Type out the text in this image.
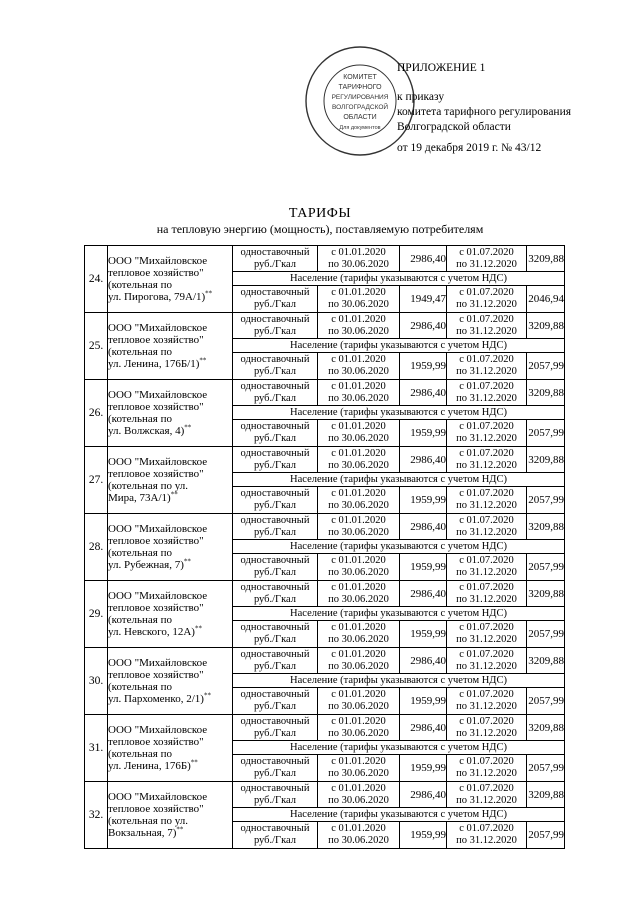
КОМИТЕТ
ТАРИФНОГО
РЕГУЛИРОВАНИЯ
ВОЛГОГРАДСКОЙ
ОБЛАСТИ
Для документов
ПРИЛОЖЕНИЕ 1
к приказу
комитета тарифного регулирования
Волгоградской области
от 19 декабря 2019 г. № 43/12
ТАРИФЫ
на тепловую энергию (мощность), поставляемую потребителям
24.	ООО "Михайловское
тепловое хозяйство"
(котельная по
ул. Пирогова, 79А/1)**	одноставочный
руб./Гкал	с 01.01.2020
по 30.06.2020	2986,40	с 01.07.2020
по 31.12.2020	3209,88
		Население (тарифы указываются с учетом НДС)				
		одноставочный
руб./Гкал	с 01.01.2020
по 30.06.2020	1949,47	с 01.07.2020
по 31.12.2020	2046,94
25.	ООО "Михайловское
тепловое хозяйство"
(котельная по
ул. Ленина, 176Б/1)**	одноставочный
руб./Гкал	с 01.01.2020
по 30.06.2020	2986,40	с 01.07.2020
по 31.12.2020	3209,88
		Население (тарифы указываются с учетом НДС)				
		одноставочный
руб./Гкал	с 01.01.2020
по 30.06.2020	1959,99	с 01.07.2020
по 31.12.2020	2057,99
26.	ООО "Михайловское
тепловое хозяйство"
(котельная по
ул. Волжская, 4)**	одноставочный
руб./Гкал	с 01.01.2020
по 30.06.2020	2986,40	с 01.07.2020
по 31.12.2020	3209,88
		Население (тарифы указываются с учетом НДС)				
		одноставочный
руб./Гкал	с 01.01.2020
по 30.06.2020	1959,99	с 01.07.2020
по 31.12.2020	2057,99
27.	ООО "Михайловское
тепловое хозяйство"
(котельная по ул.
Мира, 73А/1)**	одноставочный
руб./Гкал	с 01.01.2020
по 30.06.2020	2986,40	с 01.07.2020
по 31.12.2020	3209,88
		Население (тарифы указываются с учетом НДС)				
		одноставочный
руб./Гкал	с 01.01.2020
по 30.06.2020	1959,99	с 01.07.2020
по 31.12.2020	2057,99
28.	ООО "Михайловское
тепловое хозяйство"
(котельная по
ул. Рубежная, 7)**	одноставочный
руб./Гкал	с 01.01.2020
по 30.06.2020	2986,40	с 01.07.2020
по 31.12.2020	3209,88
		Население (тарифы указываются с учетом НДС)				
		одноставочный
руб./Гкал	с 01.01.2020
по 30.06.2020	1959,99	с 01.07.2020
по 31.12.2020	2057,99
29.	ООО "Михайловское
тепловое хозяйство"
(котельная по
ул. Невского, 12А)**	одноставочный
руб./Гкал	с 01.01.2020
по 30.06.2020	2986,40	с 01.07.2020
по 31.12.2020	3209,88
		Население (тарифы указываются с учетом НДС)				
		одноставочный
руб./Гкал	с 01.01.2020
по 30.06.2020	1959,99	с 01.07.2020
по 31.12.2020	2057,99
30.	ООО "Михайловское
тепловое хозяйство"
(котельная по
ул. Пархоменко, 2/1)**	одноставочный
руб./Гкал	с 01.01.2020
по 30.06.2020	2986,40	с 01.07.2020
по 31.12.2020	3209,88
		Население (тарифы указываются с учетом НДС)				
		одноставочный
руб./Гкал	с 01.01.2020
по 30.06.2020	1959,99	с 01.07.2020
по 31.12.2020	2057,99
31.	ООО "Михайловское
тепловое хозяйство"
(котельная по
ул. Ленина, 176Б)**	одноставочный
руб./Гкал	с 01.01.2020
по 30.06.2020	2986,40	с 01.07.2020
по 31.12.2020	3209,88
		Население (тарифы указываются с учетом НДС)				
		одноставочный
руб./Гкал	с 01.01.2020
по 30.06.2020	1959,99	с 01.07.2020
по 31.12.2020	2057,99
32.	ООО "Михайловское
тепловое хозяйство"
(котельная по ул.
Вокзальная, 7)**	одноставочный
руб./Гкал	с 01.01.2020
по 30.06.2020	2986,40	с 01.07.2020
по 31.12.2020	3209,88
		Население (тарифы указываются с учетом НДС)				
		одноставочный
руб./Гкал	с 01.01.2020
по 30.06.2020	1959,99	с 01.07.2020
по 31.12.2020	2057,99
